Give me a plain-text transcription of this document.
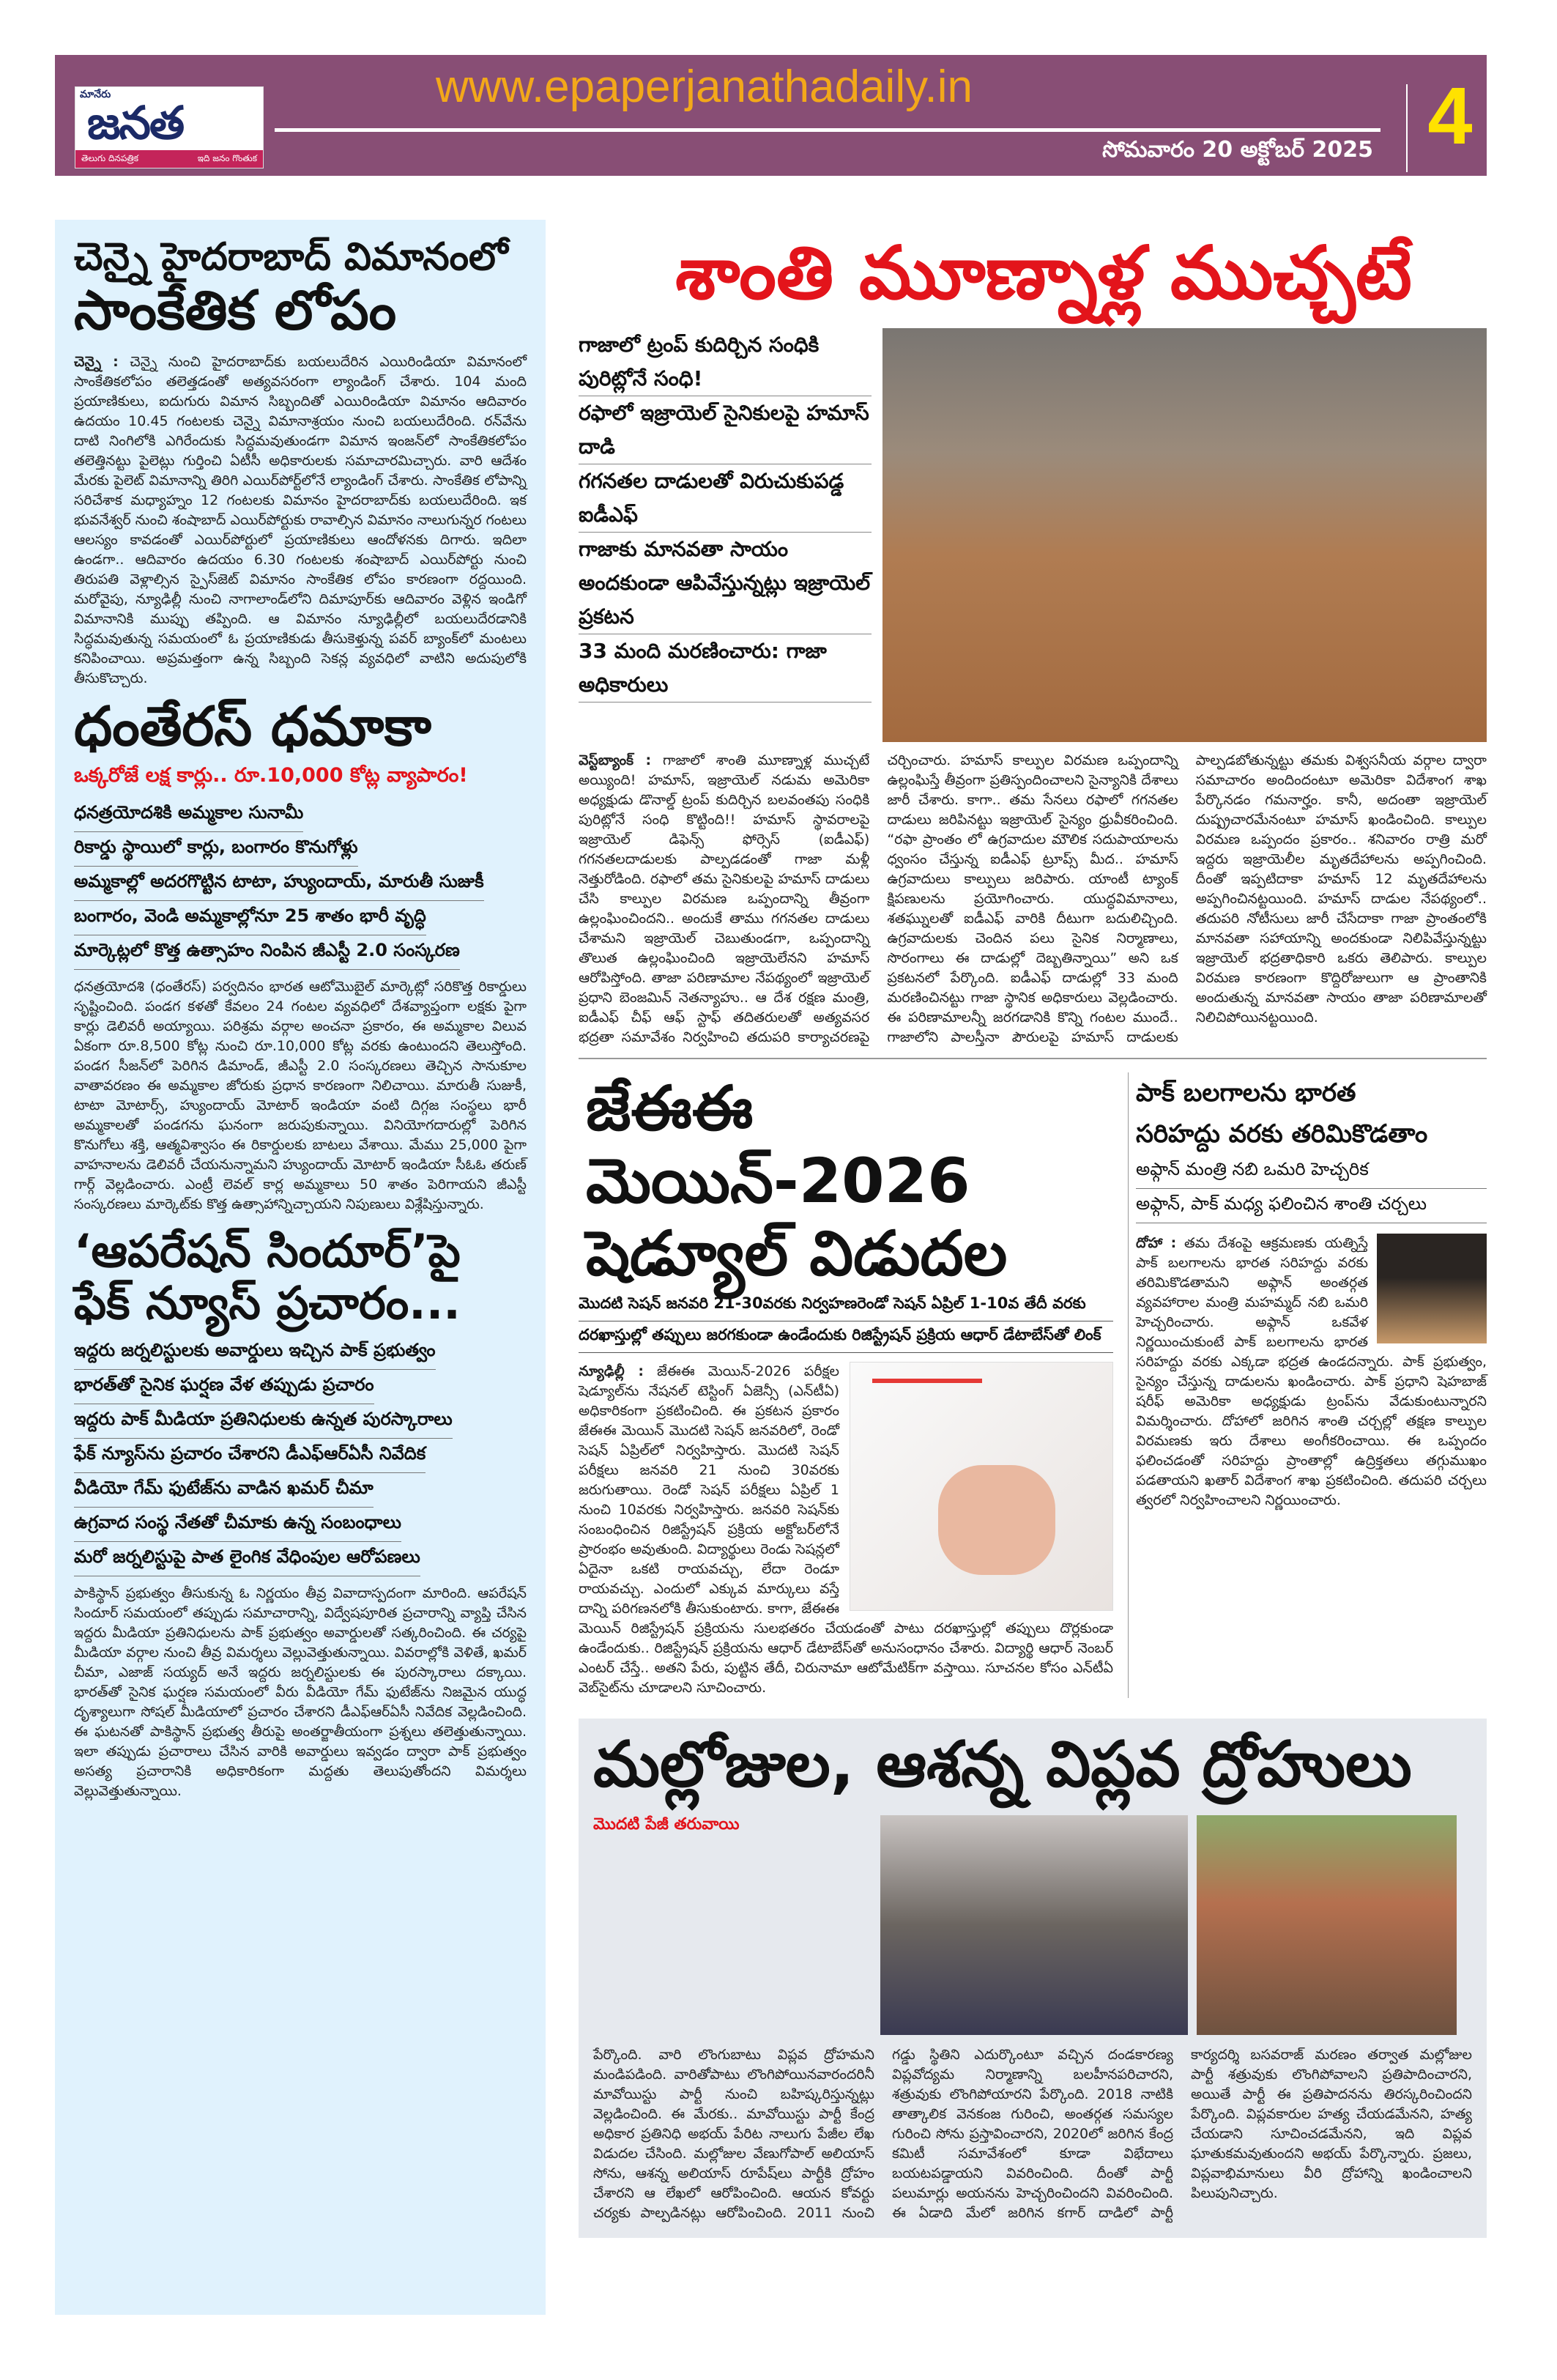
మానేరు
జనత
తెలుగు దినపత్రిక	ఇది జనం గొంతుక
www.epaperjanathadaily.in
సోమవారం 20 అక్టోబర్ 2025 4
చెన్నై హైదరాబాద్ విమానంలో
సాంకేతిక లోపం

చెన్నై : చెన్నై నుంచి హైదరాబాద్‌కు బయలుదేరిన ఎయిరిండియా విమానంలో సాంకేతికలోపం తలెత్తడంతో అత్యవసరంగా ల్యాండింగ్ చేశారు. 104 మంది ప్రయాణికులు, ఐదుగురు విమాన సిబ్బందితో ఎయిరిండియా విమానం ఆదివారం ఉదయం 10.45 గంటలకు చెన్నై విమానాశ్రయం నుంచి బయలుదేరింది. రన్‌వేను దాటి నింగిలోకి ఎగిరేందుకు సిద్ధమవుతుండగా విమాన ఇంజన్‌లో సాంకేతికలోపం తలెత్తినట్టు పైలెట్లు గుర్తించి ఏటీసీ అధికారులకు సమాచారమిచ్చారు. వారి ఆదేశం మేరకు పైలెట్ విమానాన్ని తిరిగి ఎయిర్‌పోర్ట్‌లోనే ల్యాండింగ్ చేశారు. సాంకేతిక లోపాన్ని సరిచేశాక మధ్యాహ్నం 12 గంటలకు విమానం హైదరాబాద్‌కు బయలుదేరింది. ఇక భువనేశ్వర్ నుంచి శంషాబాద్ ఎయిర్‌పోర్టుకు రావాల్సిన విమానం నాలుగున్నర గంటలు ఆలస్యం కావడంతో ఎయిర్‌పోర్టులో ప్రయాణికులు ఆందోళనకు దిగారు. ఇదిలా ఉండగా.. ఆదివారం ఉదయం 6.30 గంటలకు శంషాబాద్ ఎయిర్‌పోర్టు నుంచి తిరుపతి వెళ్లాల్సిన స్పైస్‌జెట్ విమానం సాంకేతిక లోపం కారణంగా రద్దయింది. మరోవైపు, న్యూఢిల్లీ నుంచి నాగాలాండ్‌లోని దిమాపూర్‌కు ఆదివారం వెళ్లిన ఇండిగో విమానానికి ముప్పు తప్పింది. ఆ విమానం న్యూఢిల్లీలో బయలుదేరడానికి సిద్ధమవుతున్న సమయంలో ఓ ప్రయాణికుడు తీసుకెళ్తున్న పవర్ బ్యాంక్‌లో మంటలు కనిపించాయి. అప్రమత్తంగా ఉన్న సిబ్బంది సెకన్ల వ్యవధిలో వాటిని అదుపులోకి తీసుకొచ్చారు.

ధంతేరస్ ధమాకా
ఒక్కరోజే లక్ష కార్లు.. రూ.10,000 కోట్ల వ్యాపారం!
ధనత్రయోదశికి అమ్మకాల సునామీ
రికార్డు స్థాయిలో కార్లు, బంగారం కొనుగోళ్లు
అమ్మకాల్లో అదరగొట్టిన టాటా, హ్యుందాయ్, మారుతీ సుజుకీ
బంగారం, వెండి అమ్మకాల్లోనూ 25 శాతం భారీ వృద్ధి
మార్కెట్లలో కొత్త ఉత్సాహం నింపిన జీఎస్టీ 2.0 సంస్కరణ

ధనత్రయోదశి (ధంతేరస్) పర్వదినం భారత ఆటోమొబైల్ మార్కెట్లో సరికొత్త రికార్డులు సృష్టించింది. పండగ కళతో కేవలం 24 గంటల వ్యవధిలో దేశవ్యాప్తంగా లక్షకు పైగా కార్లు డెలివరీ అయ్యాయి. పరిశ్రమ వర్గాల అంచనా ప్రకారం, ఈ అమ్మకాల విలువ ఏకంగా రూ.8,500 కోట్ల నుంచి రూ.10,000 కోట్ల వరకు ఉంటుందని తెలుస్తోంది. పండగ సీజన్‌లో పెరిగిన డిమాండ్, జీఎస్టీ 2.0 సంస్కరణలు తెచ్చిన సానుకూల వాతావరణం ఈ అమ్మకాల జోరుకు ప్రధాన కారణంగా నిలిచాయి. మారుతీ సుజుకీ, టాటా మోటార్స్, హ్యుందాయ్ మోటార్ ఇండియా వంటి దిగ్గజ సంస్థలు భారీ అమ్మకాలతో పండగను ఘనంగా జరుపుకున్నాయి. వినియోగదారుల్లో పెరిగిన కొనుగోలు శక్తి, ఆత్మవిశ్వాసం ఈ రికార్డులకు బాటలు వేశాయి. మేము 25,000 పైగా వాహనాలను డెలివరీ చేయనున్నామని హ్యుందాయ్ మోటార్ ఇండియా సీఓఓ తరుణ్ గార్గ్ వెల్లడించారు. ఎంట్రీ లెవల్ కార్ల అమ్మకాలు 50 శాతం పెరిగాయని జీఎస్టీ సంస్కరణలు మార్కెట్‌కు కొత్త ఉత్సాహాన్నిచ్చాయని నిపుణులు విశ్లేషిస్తున్నారు.

‘ఆపరేషన్ సిందూర్’పై
ఫేక్ న్యూస్ ప్రచారం...
ఇద్దరు జర్నలిస్టులకు అవార్డులు ఇచ్చిన పాక్ ప్రభుత్వం
భారత్‌తో సైనిక ఘర్షణ వేళ తప్పుడు ప్రచారం
ఇద్దరు పాక్ మీడియా ప్రతినిధులకు ఉన్నత పురస్కారాలు
ఫేక్ న్యూస్‌ను ప్రచారం చేశారని డీఎఫ్‌ఆర్‌ఏసీ నివేదిక
వీడియో గేమ్ ఫుటేజ్‌ను వాడిన ఖమర్ చీమా
ఉగ్రవాద సంస్థ నేతతో చీమాకు ఉన్న సంబంధాలు
మరో జర్నలిస్టుపై పాత లైంగిక వేధింపుల ఆరోపణలు

పాకిస్థాన్ ప్రభుత్వం తీసుకున్న ఓ నిర్ణయం తీవ్ర వివాదాస్పదంగా మారింది. ఆపరేషన్ సిందూర్ సమయంలో తప్పుడు సమాచారాన్ని, విద్వేషపూరిత ప్రచారాన్ని వ్యాప్తి చేసిన ఇద్దరు మీడియా ప్రతినిధులను పాక్ ప్రభుత్వం అవార్డులతో సత్కరించింది. ఈ చర్యపై మీడియా వర్గాల నుంచి తీవ్ర విమర్శలు వెల్లువెత్తుతున్నాయి. వివరాల్లోకి వెళితే, ఖమర్ చీమా, ఎజాజ్ సయ్యద్ అనే ఇద్దరు జర్నలిస్టులకు ఈ పురస్కారాలు దక్కాయి. భారత్‌తో సైనిక ఘర్షణ సమయంలో వీరు వీడియో గేమ్ ఫుటేజ్‌ను నిజమైన యుద్ధ దృశ్యాలుగా సోషల్ మీడియాలో ప్రచారం చేశారని డీఎఫ్‌ఆర్‌ఏసీ నివేదిక వెల్లడించింది. ఈ ఘటనతో పాకిస్థాన్ ప్రభుత్వ తీరుపై అంతర్జాతీయంగా ప్రశ్నలు తలెత్తుతున్నాయి. ఇలా తప్పుడు ప్రచారాలు చేసిన వారికి అవార్డులు ఇవ్వడం ద్వారా పాక్ ప్రభుత్వం అసత్య ప్రచారానికి అధికారికంగా మద్దతు తెలుపుతోందని విమర్శలు వెల్లువెత్తుతున్నాయి.

శాంతి మూణ్నాళ్ల ముచ్చటే
గాజాలో ట్రంప్ కుదిర్చిన సంధికి పురిట్లోనే సంధి!
రఫాలో ఇజ్రాయెల్ సైనికులపై హమాస్ దాడి
గగనతల దాడులతో విరుచుకుపడ్డ ఐడీఎఫ్
గాజాకు మానవతా సాయం అందకుండా ఆపివేస్తున్నట్లు ఇజ్రాయెల్ ప్రకటన
33 మంది మరణించారు: గాజా అధికారులు
వెస్ట్‌బ్యాంక్ : గాజాలో శాంతి మూణ్నాళ్ల ముచ్చటే అయ్యింది! హమాస్, ఇజ్రాయెల్ నడుమ అమెరికా అధ్యక్షుడు డొనాల్డ్ ట్రంప్ కుదిర్చిన బలవంతపు సంధికి పురిట్లోనే సంధి కొట్టింది!! హమాస్ స్థావరాలపై ఇజ్రాయెల్ డిఫెన్స్ ఫోర్సెస్ (ఐడీఎఫ్) గగనతలదాడులకు పాల్పడడంతో గాజా మళ్లీ నెత్తురోడింది. రఫాలో తమ సైనికులపై హమాస్ దాడులు చేసి కాల్పుల విరమణ ఒప్పందాన్ని తీవ్రంగా ఉల్లంఘించిందని.. అందుకే తాము గగనతల దాడులు చేశామని ఇజ్రాయెల్ చెబుతుండగా, ఒప్పందాన్ని తొలుత ఉల్లంఘించింది ఇజ్రాయెలేనని హమాస్ ఆరోపిస్తోంది. తాజా పరిణామాల నేపథ్యంలో ఇజ్రాయెల్ ప్రధాని బెంజమిన్ నెతన్యాహు.. ఆ దేశ రక్షణ మంత్రి, ఐడీఎఫ్ చీఫ్ ఆఫ్ స్టాఫ్ తదితరులతో అత్యవసర భద్రతా సమావేశం నిర్వహించి తదుపరి కార్యాచరణపై చర్చించారు. హమాస్ కాల్పుల విరమణ ఒప్పందాన్ని ఉల్లంఘిస్తే తీవ్రంగా ప్రతిస్పందించాలని సైన్యానికి దేశాలు జారీ చేశారు. కాగా.. తమ సేనలు రఫాలో గగనతల దాడులు జరిపినట్టు ఇజ్రాయెల్ సైన్యం ధ్రువీకరించింది. “రఫా ప్రాంతం లో ఉగ్రవాదుల మౌలిక సదుపాయాలను ధ్వంసం చేస్తున్న ఐడీఎఫ్ ట్రూప్స్ మీద.. హమాస్ ఉగ్రవాదులు కాల్పులు జరిపారు. యాంటీ ట్యాంక్ క్షిపణులను ప్రయోగించారు. యుద్ధవిమానాలు, శతఘ్నులతో ఐడీఎఫ్ వారికి దీటుగా బదులిచ్చింది. ఉగ్రవాదులకు చెందిన పలు సైనిక నిర్మాణాలు, సొరంగాలు ఈ దాడుల్లో దెబ్బతిన్నాయి” అని ఒక ప్రకటనలో పేర్కొంది. ఐడీఎఫ్ దాడుల్లో 33 మంది మరణించినట్టు గాజా స్థానిక అధికారులు వెల్లడించారు. ఈ పరిణామాలన్నీ జరగడానికి కొన్ని గంటల ముందే.. గాజాలోని పాలస్తీనా పౌరులపై హమాస్ దాడులకు పాల్పడబోతున్నట్టు తమకు విశ్వసనీయ వర్గాల ద్వారా సమాచారం అందిందంటూ అమెరికా విదేశాంగ శాఖ పేర్కొనడం గమనార్హం. కానీ, అదంతా ఇజ్రాయెల్ దుష్ప్రచారమేనంటూ హమాస్ ఖండించింది. కాల్పుల విరమణ ఒప్పందం ప్రకారం.. శనివారం రాత్రి మరో ఇద్దరు ఇజ్రాయెలీల మృతదేహాలను అప్పగించింది. దీంతో ఇప్పటిదాకా హమాస్ 12 మృతదేహాలను అప్పగించినట్టయింది. హమాస్ దాడుల నేపథ్యంలో.. తదుపరి నోటీసులు జారీ చేసేదాకా గాజా ప్రాంతంలోకి మానవతా సహాయాన్ని అందకుండా నిలిపివేస్తున్నట్టు ఇజ్రాయెల్ భద్రతాధికారి ఒకరు తెలిపారు. కాల్పుల విరమణ కారణంగా కొద్దిరోజులుగా ఆ ప్రాంతానికి అందుతున్న మానవతా సాయం తాజా పరిణామాలతో నిలిచిపోయినట్టయింది.
జేఈఈ మెయిన్-2026
షెడ్యూల్ విడుదల
మొదటి సెషన్ జనవరి 21-30వరకు నిర్వహణరెండో సెషన్ ఏప్రిల్ 1-10వ తేదీ వరకు
దరఖాస్తుల్లో తప్పులు జరగకుండా ఉండేందుకు రిజిస్ట్రేషన్ ప్రక్రియ ఆధార్ డేటాబేస్‌తో లింక్
న్యూఢిల్లీ : జేఈఈ మెయిన్-2026 పరీక్షల షెడ్యూల్‌ను నేషనల్ టెస్టింగ్ ఏజెన్సీ (ఎన్‌టీఏ) అధికారికంగా ప్రకటించింది. ఈ ప్రకటన ప్రకారం జేఈఈ మెయిన్ మొదటి సెషన్ జనవరిలో, రెండో సెషన్ ఏప్రిల్‌లో నిర్వహిస్తారు. మొదటి సెషన్ పరీక్షలు జనవరి 21 నుంచి 30వరకు జరుగుతాయి. రెండో సెషన్ పరీక్షలు ఏప్రిల్ 1 నుంచి 10వరకు నిర్వహిస్తారు. జనవరి సెషన్‌కు సంబంధించిన రిజిస్ట్రేషన్ ప్రక్రియ అక్టోబర్‌లోనే ప్రారంభం అవుతుంది. విద్యార్థులు రెండు సెషన్లలో ఏదైనా ఒకటి రాయవచ్చు, లేదా రెండూ రాయవచ్చు. ఎందులో ఎక్కువ మార్కులు వస్తే దాన్ని పరిగణనలోకి తీసుకుంటారు. కాగా, జేఈఈ మెయిన్ రిజిస్ట్రేషన్ ప్రక్రియను సులభతరం చేయడంతో పాటు దరఖాస్తుల్లో తప్పులు దొర్లకుండా ఉండేందుకు.. రిజిస్ట్రేషన్ ప్రక్రియను ఆధార్ డేటాబేస్‌తో అనుసంధానం చేశారు. విద్యార్థి ఆధార్ నెంబర్ ఎంటర్ చేస్తే.. అతని పేరు, పుట్టిన తేదీ, చిరునామా ఆటోమేటిక్‌గా వస్తాయి. సూచనల కోసం ఎన్‌టీఏ వెబ్‌సైట్‌ను చూడాలని సూచించారు.
పాక్ బలగాలను భారత
సరిహద్దు వరకు తరిమికొడతాం
అఫ్గాన్ మంత్రి నబి ఒమరి హెచ్చరిక
అఫ్గాన్, పాక్ మధ్య ఫలించిన శాంతి చర్చలు
దోహా : తమ దేశంపై ఆక్రమణకు యత్నిస్తే పాక్ బలగాలను భారత సరిహద్దు వరకు తరిమికొడతామని అఫ్గాన్ అంతర్గత వ్యవహారాల మంత్రి మహమ్మద్ నబి ఒమరి హెచ్చరించారు. అఫ్గాన్ ఒకవేళ నిర్ణయించుకుంటే పాక్ బలగాలను భారత సరిహద్దు వరకు ఎక్కడా భద్రత ఉండదన్నారు. పాక్ ప్రభుత్వం, సైన్యం చేస్తున్న దాడులను ఖండించారు. పాక్ ప్రధాని షెహబాజ్ షరీఫ్ అమెరికా అధ్యక్షుడు ట్రంప్‌ను వేడుకుంటున్నారని విమర్శించారు. దోహాలో జరిగిన శాంతి చర్చల్లో తక్షణ కాల్పుల విరమణకు ఇరు దేశాలు అంగీకరించాయి. ఈ ఒప్పందం ఫలించడంతో సరిహద్దు ప్రాంతాల్లో ఉద్రిక్తతలు తగ్గుముఖం పడతాయని ఖతార్ విదేశాంగ శాఖ ప్రకటించింది. తదుపరి చర్చలు త్వరలో నిర్వహించాలని నిర్ణయించారు.
మల్లోజుల, ఆశన్న విప్లవ ద్రోహులు
మొదటి పేజీ తరువాయి
పేర్కొంది. వారి లొంగుబాటు విప్లవ ద్రోహమని మండిపడింది. వారితోపాటు లొంగిపోయినవారందరినీ మావోయిస్టు పార్టీ నుంచి బహిష్కరిస్తున్నట్లు వెల్లడించింది. ఈ మేరకు.. మావోయిస్టు పార్టీ కేంద్ర అధికార ప్రతినిధి అభయ్ పేరిట నాలుగు పేజీల లేఖ విడుదల చేసింది. మల్లోజుల వేణుగోపాల్ అలియాస్ సోను, ఆశన్న అలియాస్ రూపేష్‌లు పార్టీకి ద్రోహం చేశారని ఆ లేఖలో ఆరోపించింది. ఆయన కోవర్టు చర్యకు పాల్పడినట్లు ఆరోపించింది. 2011 నుంచి గడ్డు స్థితిని ఎదుర్కొంటూ వచ్చిన దండకారణ్య విప్లవోద్యమ నిర్మాణాన్ని బలహీనపరిచారని, శత్రువుకు లొంగిపోయారని పేర్కొంది. 2018 నాటికి తాత్కాలిక వెనకంజ గురించి, అంతర్గత సమస్యల గురించి సోను ప్రస్తావించారని, 2020లో జరిగిన కేంద్ర కమిటీ సమావేశంలో కూడా విభేదాలు బయటపడ్డాయని వివరించింది. దీంతో పార్టీ పలుమార్లు అయనను హెచ్చరించిందని వివరించింది. ఈ ఏడాది మేలో జరిగిన కగార్ దాడిలో పార్టీ కార్యదర్శి బసవరాజ్ మరణం తర్వాత మల్లోజుల పార్టీ శత్రువుకు లొంగిపోవాలని ప్రతిపాదించారని, అయితే పార్టీ ఈ ప్రతిపాదనను తిరస్కరించిందని పేర్కొంది. విప్లవకారుల హత్య చేయడమేనని, హత్య చేయడాని సూచించడమేనని, ఇది విప్లవ ఘాతుకమవుతుందని అభయ్ పేర్కొన్నారు. ప్రజలు, విప్లవాభిమానులు వీరి ద్రోహాన్ని ఖండించాలని పిలుపునిచ్చారు.
